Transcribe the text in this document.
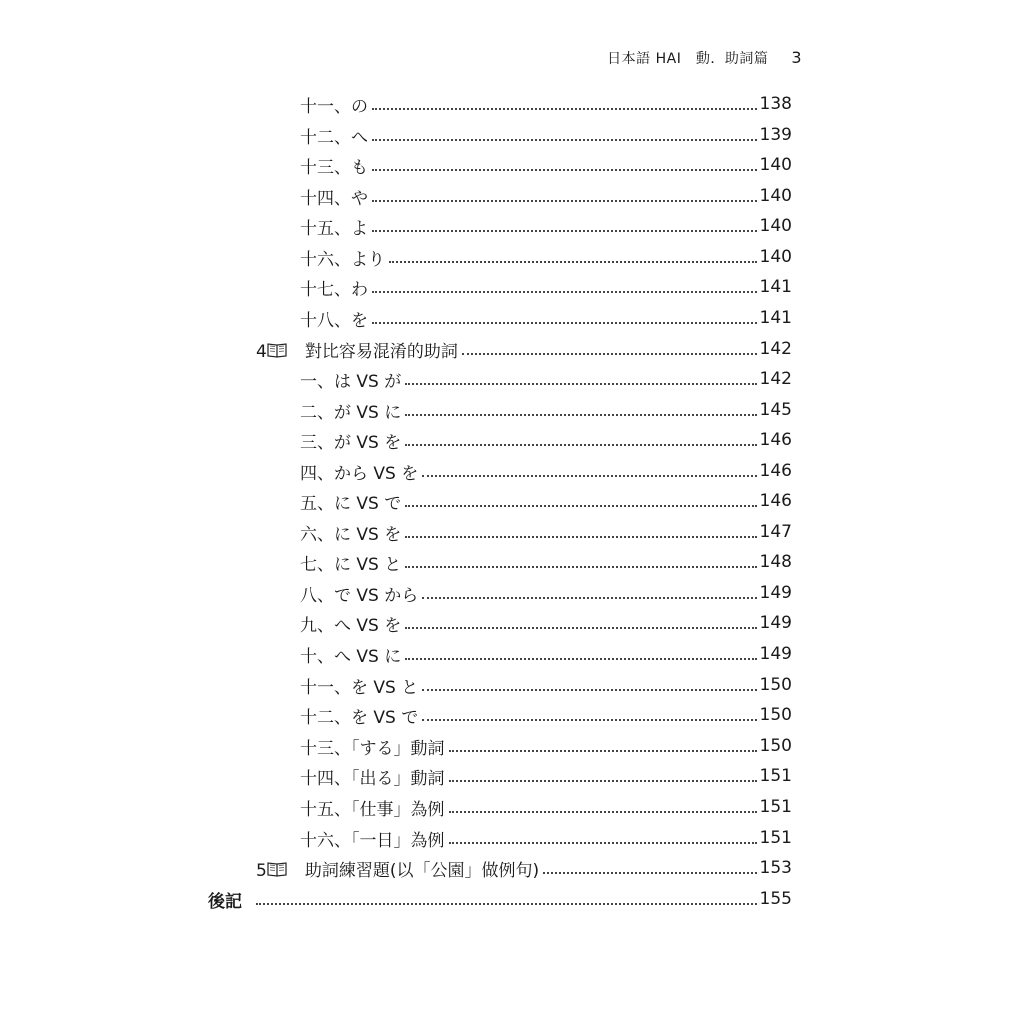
日本語 HAI　動．助詞篇 3
十一、の	138
十二、へ	139
十三、も	140
十四、や	140
十五、よ	140
十六、より	140
十七、わ	141
十八、を	141
4 對比容易混淆的助詞	142
一、は VS が	142
二、が VS に	145
三、が VS を	146
四、から VS を	146
五、に VS で	146
六、に VS を	147
七、に VS と	148
八、で VS から	149
九、へ VS を	149
十、へ VS に	149
十一、を VS と	150
十二、を VS で	150
十三、「する」動詞	150
十四、「出る」動詞	151
十五、「仕事」為例	151
十六、「一日」為例	151
5 助詞練習題(以「公園」做例句)	153
後記	155
